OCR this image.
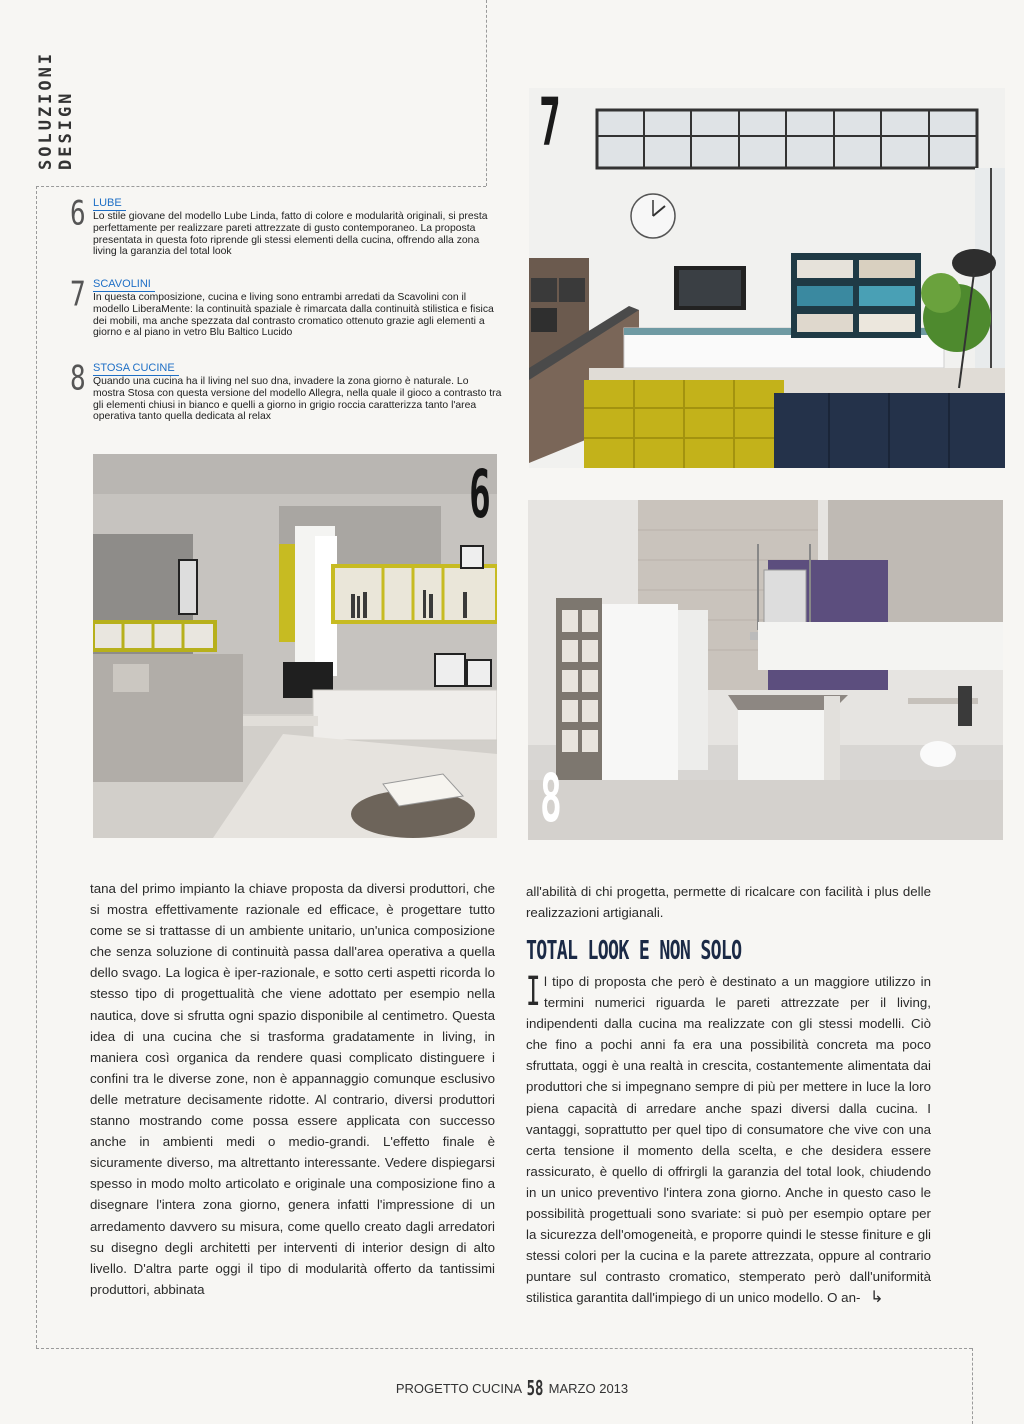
SOLUZIONI DESIGN
6 LUBE
Lo stile giovane del modello Lube Linda, fatto di colore e modularità originali, si presta perfettamente per realizzare pareti attrezzate di gusto contemporaneo. La proposta presentata in questa foto riprende gli stessi elementi della cucina, offrendo alla zona living la garanzia del total look
7 SCAVOLINI
In questa composizione, cucina e living sono entrambi arredati da Scavolini con il modello LiberaMente: la continuità spaziale è rimarcata dalla continuità stilistica e fisica dei mobili, ma anche spezzata dal contrasto cromatico ottenuto grazie agli elementi a giorno e al piano in vetro Blu Baltico Lucido
8 STOSA CUCINE
Quando una cucina ha il living nel suo dna, invadere la zona giorno è naturale. Lo mostra Stosa con questa versione del modello Allegra, nella quale il gioco a contrasto tra gli elementi chiusi in bianco e quelli a giorno in grigio roccia caratterizza tanto l'area operativa tanto quella dedicata al relax
7
6
8

tana del primo impianto la chiave proposta da diversi produttori, che si mostra effettivamente razionale ed efficace, è progettare tutto come se si trattasse di un ambiente unitario, un'unica composizione che senza soluzione di continuità passa dall'area operativa a quella dello svago. La logica è iper-razionale, e sotto certi aspetti ricorda lo stesso tipo di progettualità che viene adottato per esempio nella nautica, dove si sfrutta ogni spazio disponibile al centimetro. Questa idea di una cucina che si trasforma gradatamente in living, in maniera così organica da rendere quasi complicato distinguere i confini tra le diverse zone, non è appannaggio comunque esclusivo delle metrature decisamente ridotte. Al contrario, diversi produttori stanno mostrando come possa essere applicata con successo anche in ambienti medi o medio-grandi. L'effetto finale è sicuramente diverso, ma altrettanto interessante. Vedere dispiegarsi spesso in modo molto articolato e originale una composizione fino a disegnare l'intera zona giorno, genera infatti l'impressione di un arredamento davvero su misura, come quello creato dagli arredatori su disegno degli architetti per interventi di interior design di alto livello. D'altra parte oggi il tipo di modularità offerto da tantissimi produttori, abbinata

all'abilità di chi progetta, permette di ricalcare con facilità i plus delle realizzazioni artigianali.

TOTAL LOOK E NON SOLO

Il tipo di proposta che però è destinato a un maggiore utilizzo in termini numerici riguarda le pareti attrezzate per il living, indipendenti dalla cucina ma realizzate con gli stessi modelli. Ciò che fino a pochi anni fa era una possibilità concreta ma poco sfruttata, oggi è una realtà in crescita, costantemente alimentata dai produttori che si impegnano sempre di più per mettere in luce la loro piena capacità di arredare anche spazi diversi dalla cucina. I vantaggi, soprattutto per quel tipo di consumatore che vive con una certa tensione il momento della scelta, e che desidera essere rassicurato, è quello di offrirgli la garanzia del total look, chiudendo in un unico preventivo l'intera zona giorno. Anche in questo caso le possibilità progettuali sono svariate: si può per esempio optare per la sicurezza dell'omogeneità, e proporre quindi le stesse finiture e gli stessi colori per la cucina e la parete attrezzata, oppure al contrario puntare sul contrasto cromatico, stemperato però dall'uniformità stilistica garantita dall'impiego di un unico modello. O an- ↳

PROGETTO CUCINA 58 MARZO 2013
